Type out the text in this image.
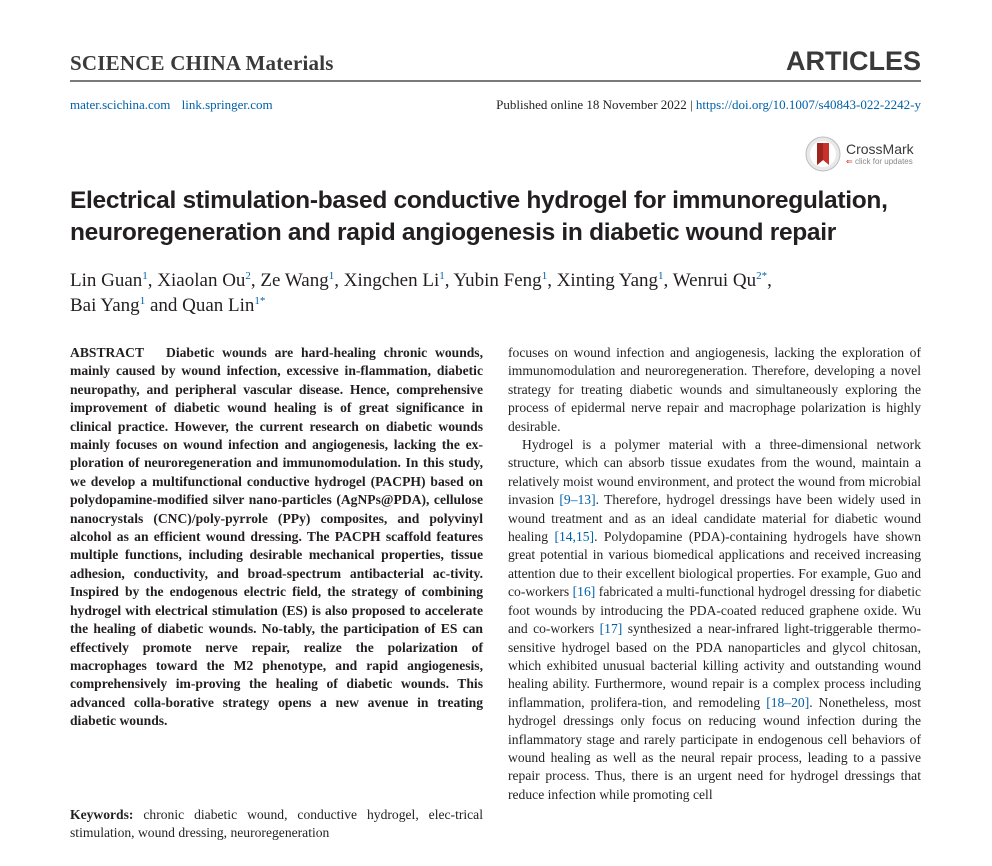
SCIENCE CHINA Materials	ARTICLES
mater.scichina.com link.springer.com	Published online 18 November 2022 | https://doi.org/10.1007/s40843-022-2242-y
CrossMark
⇐ click for updates
Electrical stimulation-based conductive hydrogel for immunoregulation, neuroregeneration and rapid angiogenesis in diabetic wound repair
Lin Guan$^1$, Xiaolan Ou$^2$, Ze Wang$^1$, Xingchen Li$^1$, Yubin Feng$^1$, Xinting Yang$^1$, Wenrui $Qu^{2*}$,
Bai Yang$^1$ and Quan Lin$^{1*}$

ABSTRACT Diabetic wounds are hard-healing chronic wounds, mainly caused by wound infection, excessive in-flammation, diabetic neuropathy, and peripheral vascular disease. Hence, comprehensive improvement of diabetic wound healing is of great significance in clinical practice. However, the current research on diabetic wounds mainly focuses on wound infection and angiogenesis, lacking the ex-ploration of neuroregeneration and immunomodulation. In this study, we develop a multifunctional conductive hydrogel (PACPH) based on polydopamine-modified silver nano-particles (AgNPs@PDA), cellulose nanocrystals (CNC)/poly-pyrrole (PPy) composites, and polyvinyl alcohol as an efficient wound dressing. The PACPH scaffold features multiple functions, including desirable mechanical properties, tissue adhesion, conductivity, and broad-spectrum antibacterial ac-tivity. Inspired by the endogenous electric field, the strategy of combining hydrogel with electrical stimulation (ES) is also proposed to accelerate the healing of diabetic wounds. No-tably, the participation of ES can effectively promote nerve repair, realize the polarization of macrophages toward the M2 phenotype, and rapid angiogenesis, comprehensively im-proving the healing of diabetic wounds. This advanced colla-borative strategy opens a new avenue in treating diabetic wounds.

Keywords: chronic diabetic wound, conductive hydrogel, elec-trical stimulation, wound dressing, neuroregeneration

focuses on wound infection and angiogenesis, lacking the exploration of immunomodulation and neuroregeneration. Therefore, developing a novel strategy for treating diabetic wounds and simultaneously exploring the process of epidermal nerve repair and macrophage polarization is highly desirable.

Hydrogel is a polymer material with a three-dimensional network structure, which can absorb tissue exudates from the wound, maintain a relatively moist wound environment, and protect the wound from microbial invasion [9–13]. Therefore, hydrogel dressings have been widely used in wound treatment and as an ideal candidate material for diabetic wound healing [14,15]. Polydopamine (PDA)-containing hydrogels have shown great potential in various biomedical applications and received increasing attention due to their excellent biological properties. For example, Guo and co-workers [16] fabricated a multi-functional hydrogel dressing for diabetic foot wounds by introducing the PDA-coated reduced graphene oxide. Wu and co-workers [17] synthesized a near-infrared light-triggerable thermo-sensitive hydrogel based on the PDA nanoparticles and glycol chitosan, which exhibited unusual bacterial killing activity and outstanding wound healing ability. Furthermore, wound repair is a complex process including inflammation, prolifera-tion, and remodeling [18–20]. Nonetheless, most hydrogel dressings only focus on reducing wound infection during the inflammatory stage and rarely participate in endogenous cell behaviors of wound healing as well as the neural repair process, leading to a passive repair process. Thus, there is an urgent need for hydrogel dressings that reduce infection while promoting cell
